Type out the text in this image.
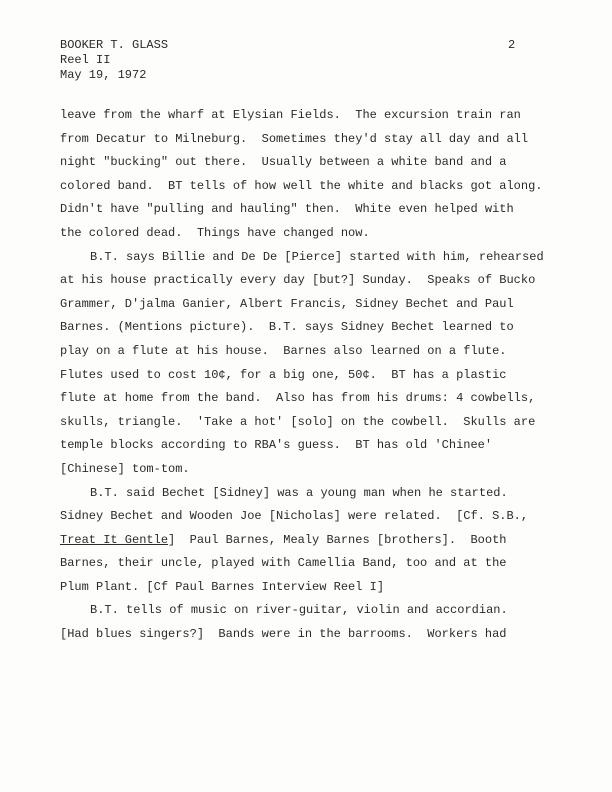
BOOKER T. GLASS
Reel II
May 19, 1972
2
leave from the wharf at Elysian Fields.  The excursion train ran
from Decatur to Milneburg.  Sometimes they'd stay all day and all
night "bucking" out there.  Usually between a white band and a
colored band.  BT tells of how well the white and blacks got along.
Didn't have "pulling and hauling" then.  White even helped with
the colored dead.  Things have changed now.
B.T. says Billie and De De [Pierce] started with him, rehearsed
at his house practically every day [but?] Sunday.  Speaks of Bucko
Grammer, D'jalma Ganier, Albert Francis, Sidney Bechet and Paul
Barnes. (Mentions picture).  B.T. says Sidney Bechet learned to
play on a flute at his house.  Barnes also learned on a flute.
Flutes used to cost 10¢, for a big one, 50¢.  BT has a plastic
flute at home from the band.  Also has from his drums: 4 cowbells,
skulls, triangle.  'Take a hot' [solo] on the cowbell.  Skulls are
temple blocks according to RBA's guess.  BT has old 'Chinee'
[Chinese] tom-tom.
B.T. said Bechet [Sidney] was a young man when he started.
Sidney Bechet and Wooden Joe [Nicholas] were related.  [Cf. S.B.,
Treat It Gentle]  Paul Barnes, Mealy Barnes [brothers].  Booth
Barnes, their uncle, played with Camellia Band, too and at the
Plum Plant. [Cf Paul Barnes Interview Reel I]
B.T. tells of music on river-guitar, violin and accordian.
[Had blues singers?]  Bands were in the barrooms.  Workers had
